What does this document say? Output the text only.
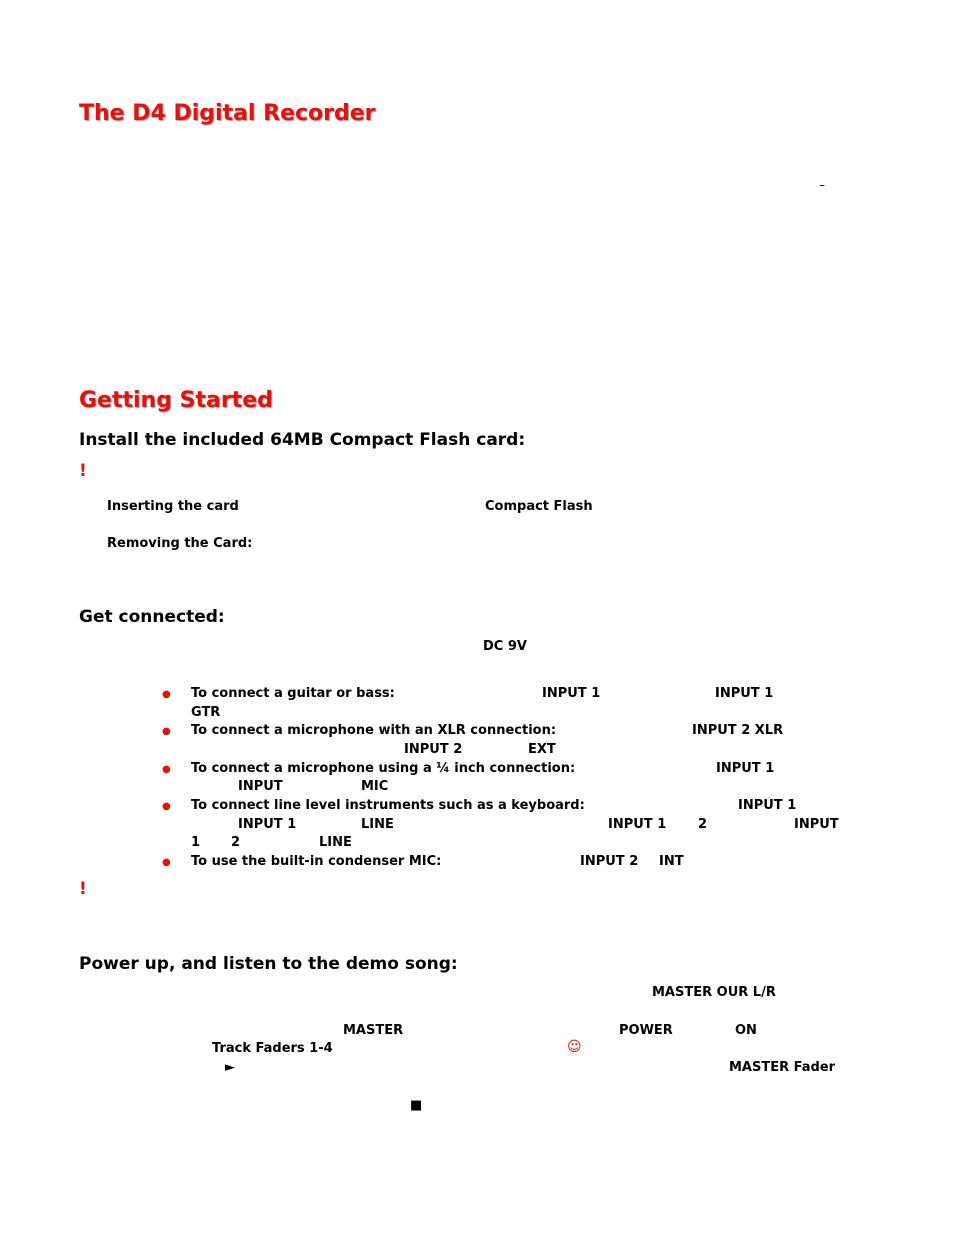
The D4 Digital Recorder
–
Getting Started
Install the included 64MB Compact Flash card:
!
Inserting the card	Compact Flash
Removing the Card:
Get connected:
DC 9V
● To connect a guitar or bass:	INPUT 1	INPUT 1
GTR
● To connect a microphone with an XLR connection:	INPUT 2 XLR
INPUT 2	EXT
● To connect a microphone using a ¼ inch connection:	INPUT 1
INPUT	MIC
● To connect line level instruments such as a keyboard:	INPUT 1
INPUT 1	LINE	INPUT 1 2	INPUT
1 2	LINE
● To use the built-in condenser MIC:	INPUT 2 INT
!
Power up, and listen to the demo song:
MASTER OUR L/R
MASTER	POWER	ON
Track Faders 1-4	☺
►	MASTER Fader
■
